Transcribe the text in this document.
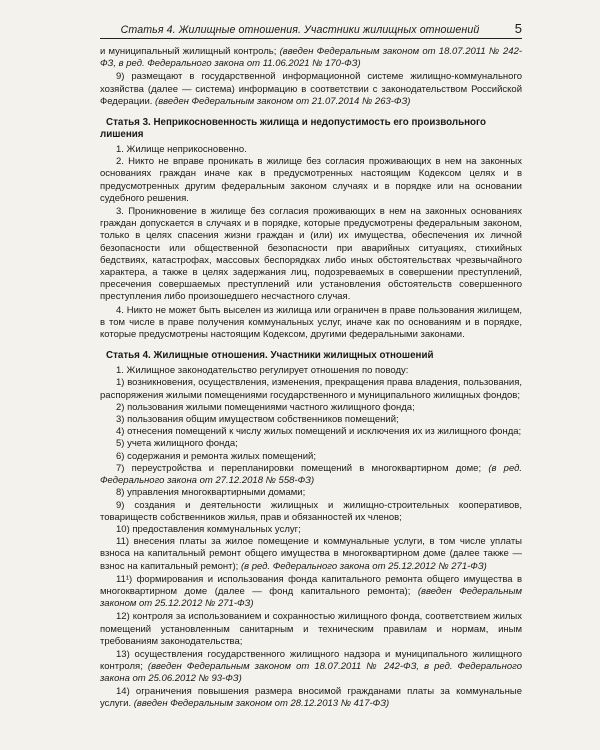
Статья 4. Жилищные отношения. Участники жилищных отношений	5

и муниципальный жилищный контроль; (введен Федеральным законом от 18.07.2011 № 242-ФЗ, в ред. Федерального закона от 11.06.2021 № 170-ФЗ)

9) размещают в государственной информационной системе жилищно-коммунального хозяйства (далее — система) информацию в соответствии с законодательством Российской Федерации. (введен Федеральным законом от 21.07.2014 № 263-ФЗ)

Статья 3. Неприкосновенность жилища и недопустимость его произвольного лишения

1. Жилище неприкосновенно.

2. Никто не вправе проникать в жилище без согласия проживающих в нем на законных основаниях граждан иначе как в предусмотренных настоящим Кодексом целях и в предусмотренных другим федеральным законом случаях и в порядке или на основании судебного решения.

3. Проникновение в жилище без согласия проживающих в нем на законных основаниях граждан допускается в случаях и в порядке, которые предусмотрены федеральным законом, только в целях спасения жизни граждан и (или) их имущества, обеспечения их личной безопасности или общественной безопасности при аварийных ситуациях, стихийных бедствиях, катастрофах, массовых беспорядках либо иных обстоятельствах чрезвычайного характера, а также в целях задержания лиц, подозреваемых в совершении преступлений, пресечения совершаемых преступлений или установления обстоятельств совершенного преступления либо произошедшего несчастного случая.

4. Никто не может быть выселен из жилища или ограничен в праве пользования жилищем, в том числе в праве получения коммунальных услуг, иначе как по основаниям и в порядке, которые предусмотрены настоящим Кодексом, другими федеральными законами.

Статья 4. Жилищные отношения. Участники жилищных отношений

1. Жилищное законодательство регулирует отношения по поводу:

1) возникновения, осуществления, изменения, прекращения права владения, пользования, распоряжения жилыми помещениями государственного и муниципального жилищных фондов;

2) пользования жилыми помещениями частного жилищного фонда;

3) пользования общим имуществом собственников помещений;

4) отнесения помещений к числу жилых помещений и исключения их из жилищного фонда;

5) учета жилищного фонда;

6) содержания и ремонта жилых помещений;

7) переустройства и перепланировки помещений в многоквартирном доме; (в ред. Федерального закона от 27.12.2018 № 558-ФЗ)

8) управления многоквартирными домами;

9) создания и деятельности жилищных и жилищно-строительных кооперативов, товариществ собственников жилья, прав и обязанностей их членов;

10) предоставления коммунальных услуг;

11) внесения платы за жилое помещение и коммунальные услуги, в том числе уплаты взноса на капитальный ремонт общего имущества в многоквартирном доме (далее также — взнос на капитальный ремонт); (в ред. Федерального закона от 25.12.2012 № 271-ФЗ)

11¹) формирования и использования фонда капитального ремонта общего имущества в многоквартирном доме (далее — фонд капитального ремонта); (введен Федеральным законом от 25.12.2012 № 271-ФЗ)

12) контроля за использованием и сохранностью жилищного фонда, соответствием жилых помещений установленным санитарным и техническим правилам и нормам, иным требованиям законодательства;

13) осуществления государственного жилищного надзора и муниципального жилищного контроля; (введен Федеральным законом от 18.07.2011 № 242-ФЗ, в ред. Федерального закона от 25.06.2012 № 93-ФЗ)

14) ограничения повышения размера вносимой гражданами платы за коммунальные услуги. (введен Федеральным законом от 28.12.2013 № 417-ФЗ)
